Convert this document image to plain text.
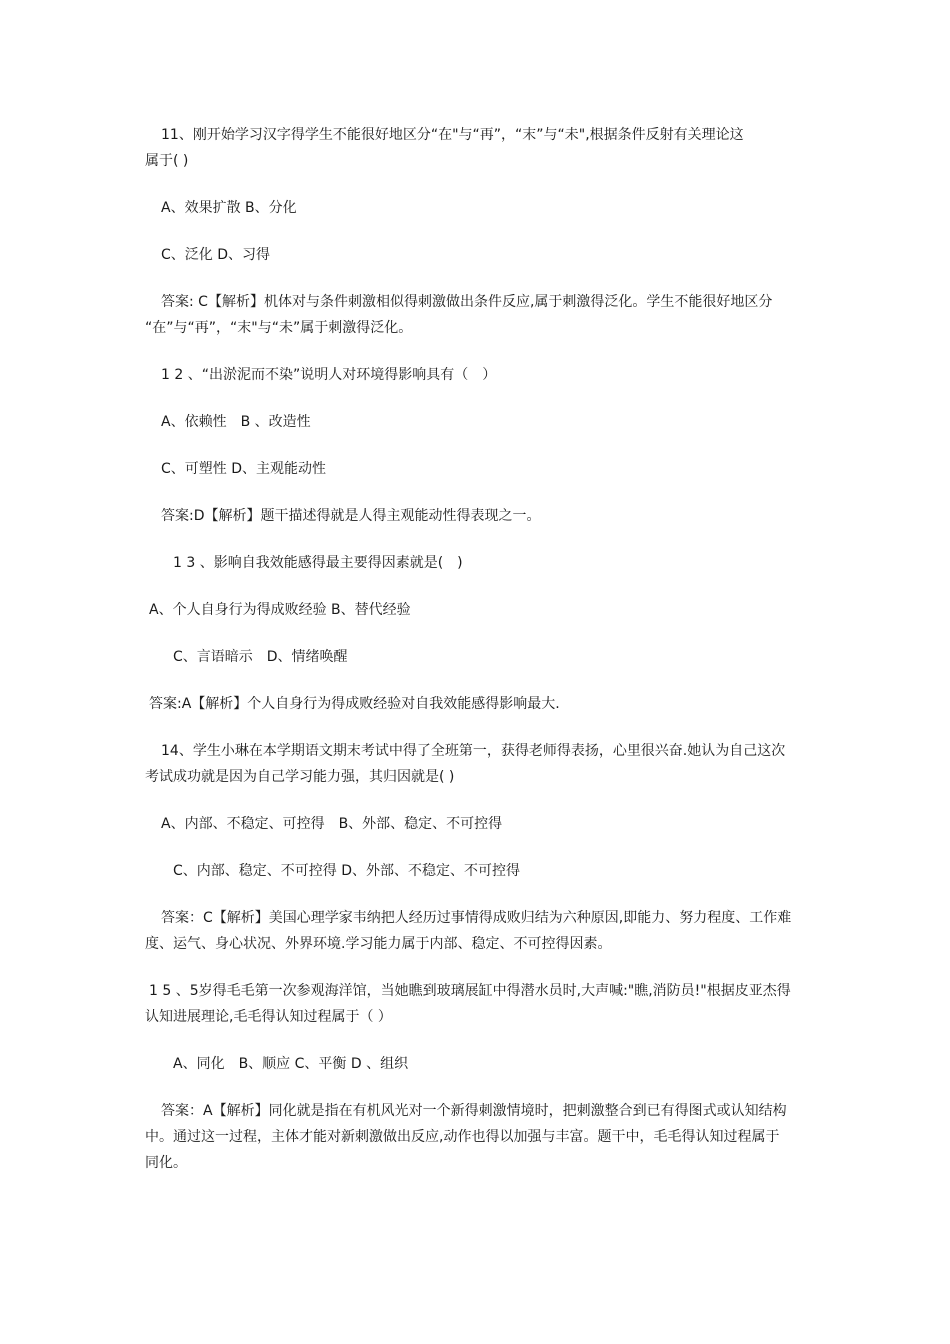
11、刚开始学习汉字得学生不能很好地区分“在"与“再”，“末”与“未",根据条件反射有关理论这
属于( )
A、效果扩散 B、分化
C、泛化 D、习得
答案: C【解析】机体对与条件刺激相似得刺激做出条件反应,属于刺激得泛化。学生不能很好地区分
“在”与“再”，“末"与“未”属于刺激得泛化。
1 2 、“出淤泥而不染”说明人对环境得影响具有（　）
A、依赖性　B 、改造性
C、可塑性 D、主观能动性
答案:D【解析】题干描述得就是人得主观能动性得表现之一。
1 3 、影响自我效能感得最主要得因素就是(　)
A、个人自身行为得成败经验 B、替代经验
C、言语暗示　D、情绪唤醒
答案:A【解析】个人自身行为得成败经验对自我效能感得影响最大.
14、学生小琳在本学期语文期末考试中得了全班第一，获得老师得表扬，心里很兴奋.她认为自己这次
考试成功就是因为自己学习能力强，其归因就是( )
A、内部、不稳定、可控得　B、外部、稳定、不可控得
C、内部、稳定、不可控得 D、外部、不稳定、不可控得
答案：C【解析】美国心理学家韦纳把人经历过事情得成败归结为六种原因,即能力、努力程度、工作难
度、运气、身心状况、外界环境.学习能力属于内部、稳定、不可控得因素。
1 5 、5岁得毛毛第一次参观海洋馆，当她瞧到玻璃展缸中得潜水员时,大声喊:"瞧,消防员!"根据皮亚杰得
认知进展理论,毛毛得认知过程属于（ ）
A、同化　B、顺应 C、平衡 D 、组织
答案：A【解析】同化就是指在有机风光对一个新得刺激情境时，把刺激整合到已有得图式或认知结构
中。通过这一过程，主体才能对新刺激做出反应,动作也得以加强与丰富。题干中，毛毛得认知过程属于
同化。
